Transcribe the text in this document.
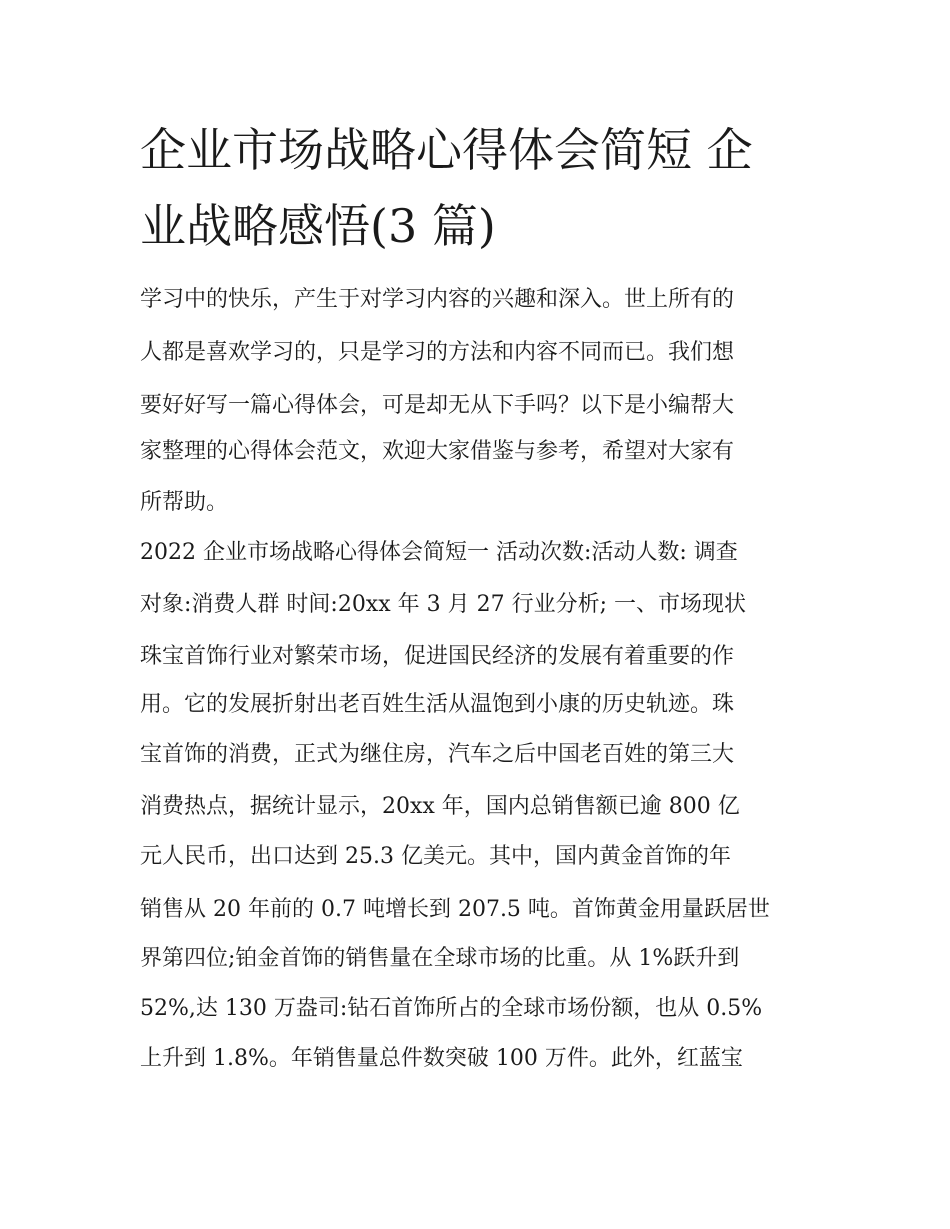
企业市场战略心得体会简短 企
业战略感悟(3 篇)
学习中的快乐，产生于对学习内容的兴趣和深入。世上所有的
人都是喜欢学习的，只是学习的方法和内容不同而已。我们想
要好好写一篇心得体会，可是却无从下手吗？以下是小编帮大
家整理的心得体会范文，欢迎大家借鉴与参考，希望对大家有
所帮助。
2022 企业市场战略心得体会简短一 活动次数:活动人数: 调查
对象:消费人群 时间:20xx 年 3 月 27 行业分析; 一、市场现状
珠宝首饰行业对繁荣市场，促进国民经济的发展有着重要的作
用。它的发展折射出老百姓生活从温饱到小康的历史轨迹。珠
宝首饰的消费，正式为继住房，汽车之后中国老百姓的第三大
消费热点，据统计显示，20xx 年，国内总销售额已逾 800 亿
元人民币，出口达到 25.3 亿美元。其中，国内黄金首饰的年
销售从 20 年前的 0.7 吨增长到 207.5 吨。首饰黄金用量跃居世
界第四位;铂金首饰的销售量在全球市场的比重。从 1%跃升到
52%,达 130 万盎司:钻石首饰所占的全球市场份额，也从 0.5%
上升到 1.8%。年销售量总件数突破 100 万件。此外，红蓝宝
